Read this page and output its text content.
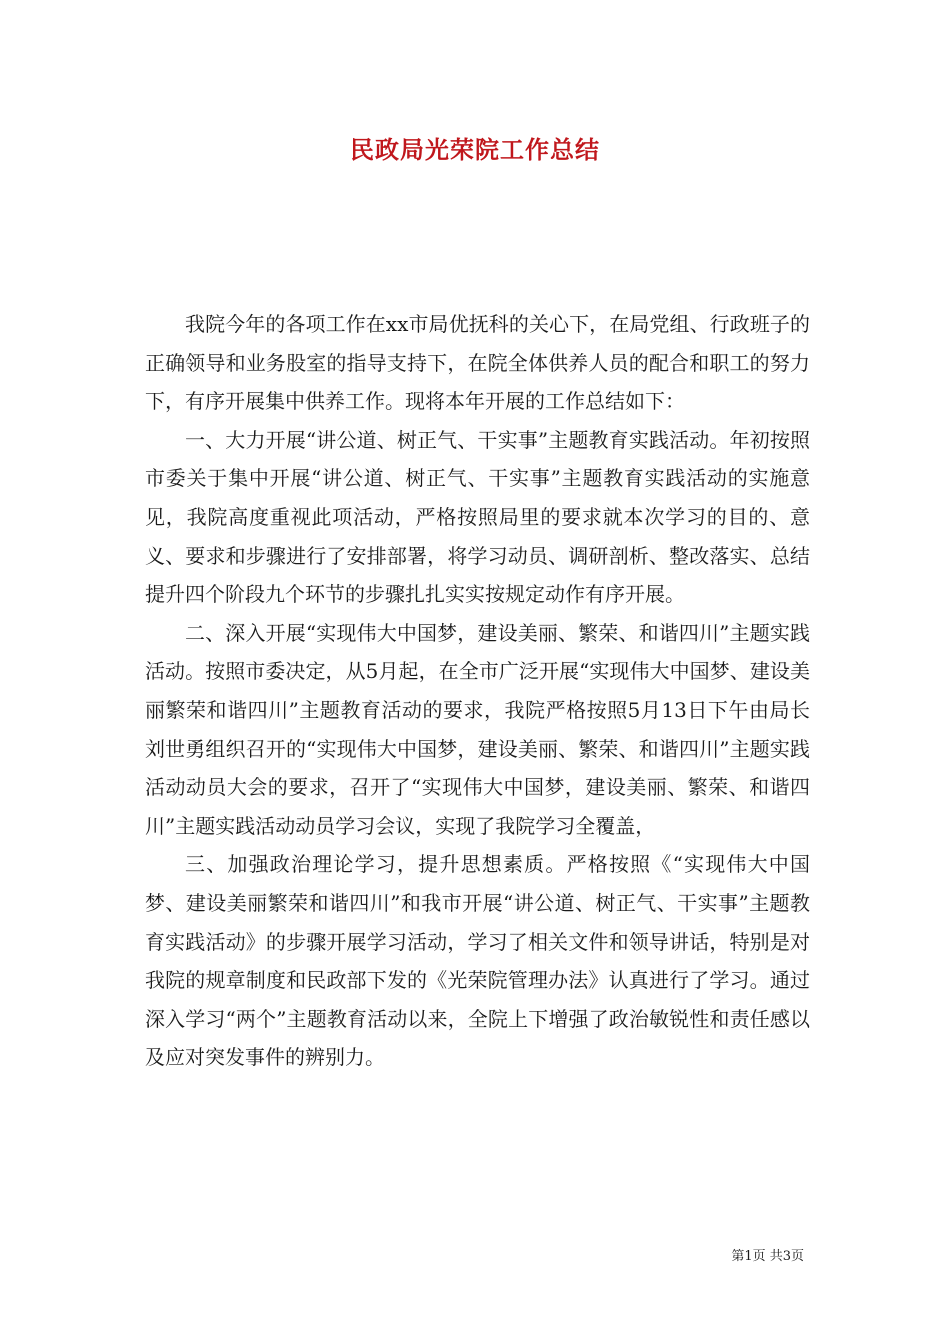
民政局光荣院工作总结

我院今年的各项工作在xx市局优抚科的关心下，在局党组、行政班子的正确领导和业务股室的指导支持下，在院全体供养人员的配合和职工的努力下，有序开展集中供养工作。现将本年开展的工作总结如下：

一、大力开展“讲公道、树正气、干实事”主题教育实践活动。年初按照市委关于集中开展“讲公道、树正气、干实事”主题教育实践活动的实施意见，我院高度重视此项活动，严格按照局里的要求就本次学习的目的、意义、要求和步骤进行了安排部署，将学习动员、调研剖析、整改落实、总结提升四个阶段九个环节的步骤扎扎实实按规定动作有序开展。

二、深入开展“实现伟大中国梦，建设美丽、繁荣、和谐四川”主题实践活动。按照市委决定，从5月起，在全市广泛开展“实现伟大中国梦、建设美丽繁荣和谐四川”主题教育活动的要求，我院严格按照5月13日下午由局长刘世勇组织召开的“实现伟大中国梦，建设美丽、繁荣、和谐四川”主题实践活动动员大会的要求，召开了“实现伟大中国梦，建设美丽、繁荣、和谐四川”主题实践活动动员学习会议，实现了我院学习全覆盖，

三、加强政治理论学习，提升思想素质。严格按照《“实现伟大中国梦、建设美丽繁荣和谐四川”和我市开展“讲公道、树正气、干实事”主题教育实践活动》的步骤开展学习活动，学习了相关文件和领导讲话，特别是对我院的规章制度和民政部下发的《光荣院管理办法》认真进行了学习。通过深入学习“两个”主题教育活动以来，全院上下增强了政治敏锐性和责任感以及应对突发事件的辨别力。

第1页 共3页
